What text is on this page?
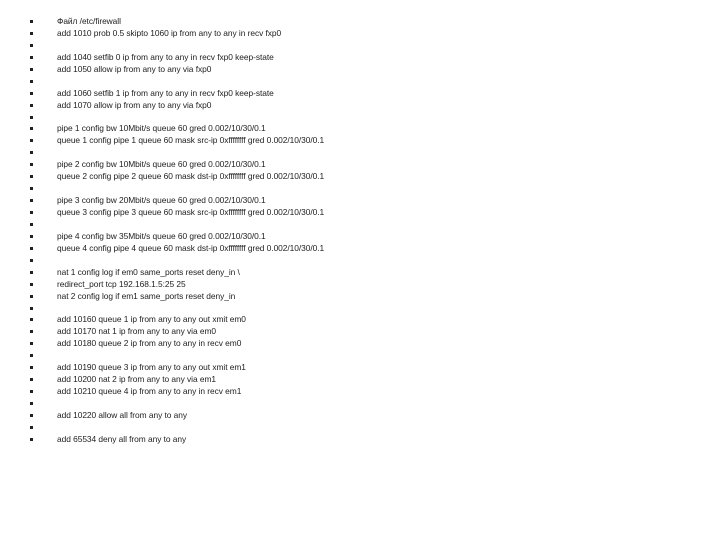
Файл /etc/firewall
add 1010 prob 0.5 skipto 1060 ip from any to any in recv fxp0
add 1040 setfib 0 ip from any to any in recv fxp0 keep-state
add 1050 allow ip from any to any via fxp0
add 1060 setfib 1 ip from any to any in recv fxp0 keep-state
add 1070 allow ip from any to any via fxp0
pipe 1 config bw 10Mbit/s queue 60 gred 0.002/10/30/0.1
queue 1 config pipe 1 queue 60 mask src-ip 0xffffffff gred 0.002/10/30/0.1
pipe 2 config bw 10Mbit/s queue 60 gred 0.002/10/30/0.1
queue 2 config pipe 2 queue 60 mask dst-ip 0xffffffff gred 0.002/10/30/0.1
pipe 3 config bw 20Mbit/s queue 60 gred 0.002/10/30/0.1
queue 3 config pipe 3 queue 60 mask src-ip 0xffffffff gred 0.002/10/30/0.1
pipe 4 config bw 35Mbit/s queue 60 gred 0.002/10/30/0.1
queue 4 config pipe 4 queue 60 mask dst-ip 0xffffffff gred 0.002/10/30/0.1
nat 1 config log if em0 same_ports reset deny_in \
redirect_port tcp 192.168.1.5:25 25
nat 2 config log if em1 same_ports reset deny_in
add 10160 queue 1 ip from any to any out xmit em0
add 10170 nat 1 ip from any to any via em0
add 10180 queue 2 ip from any to any in recv em0
add 10190 queue 3 ip from any to any out xmit em1
add 10200 nat 2 ip from any to any via em1
add 10210 queue 4 ip from any to any in recv em1
add 10220 allow all from any to any
add 65534 deny all from any to any
